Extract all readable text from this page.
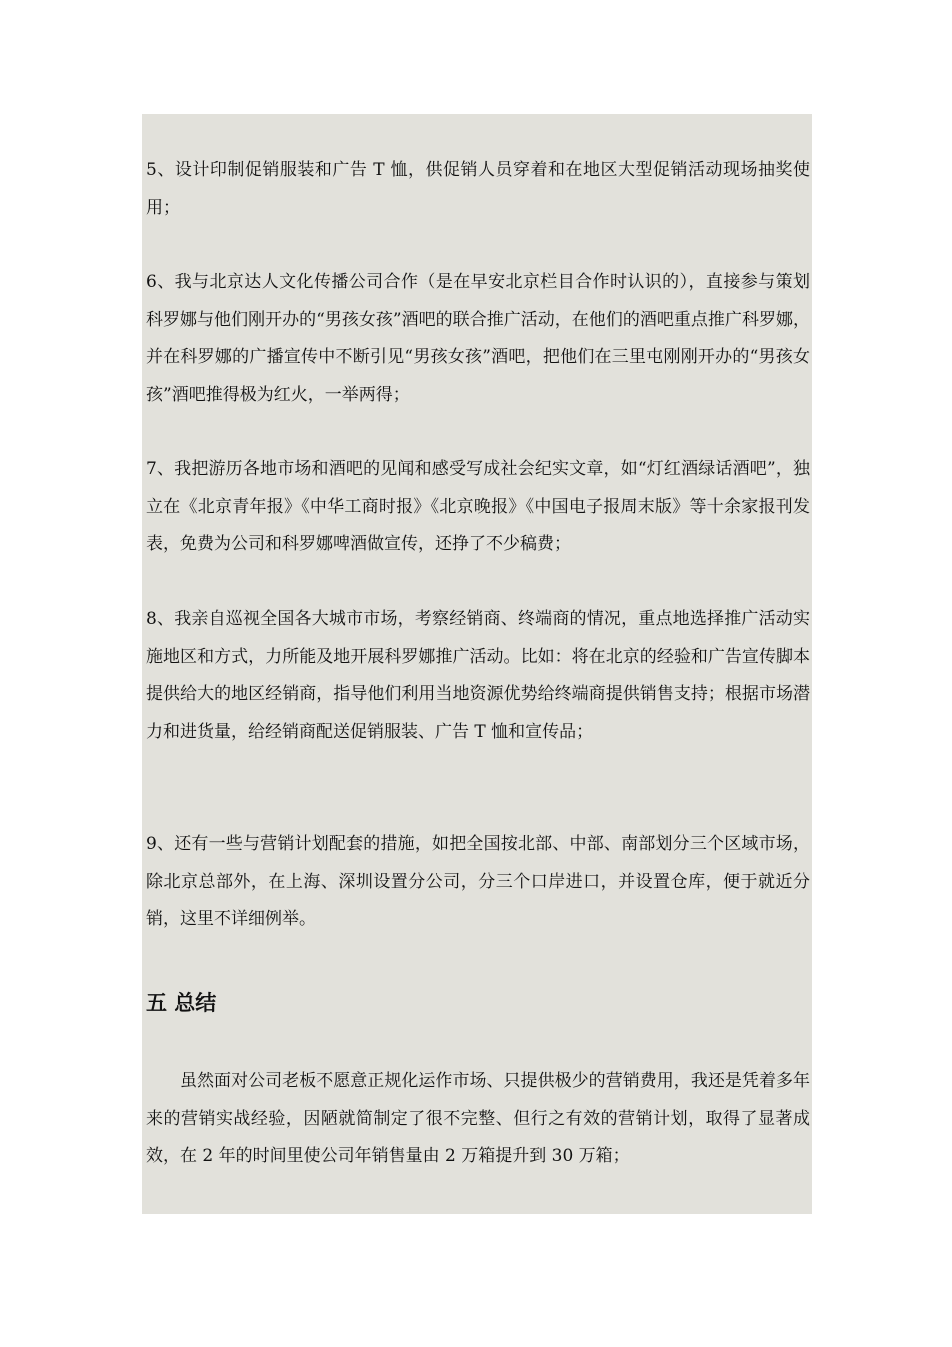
5、设计印制促销服装和广告 T 恤，供促销人员穿着和在地区大型促销活动现场抽奖使用；

6、我与北京达人文化传播公司合作（是在早安北京栏目合作时认识的），直接参与策划科罗娜与他们刚开办的“男孩女孩”酒吧的联合推广活动，在他们的酒吧重点推广科罗娜，并在科罗娜的广播宣传中不断引见“男孩女孩”酒吧，把他们在三里屯刚刚开办的“男孩女孩”酒吧推得极为红火，一举两得；

7、我把游历各地市场和酒吧的见闻和感受写成社会纪实文章，如“灯红酒绿话酒吧”，独立在《北京青年报》《中华工商时报》《北京晚报》《中国电子报周末版》等十余家报刊发表，免费为公司和科罗娜啤酒做宣传，还挣了不少稿费；

8、我亲自巡视全国各大城市市场，考察经销商、终端商的情况，重点地选择推广活动实施地区和方式，力所能及地开展科罗娜推广活动。比如：将在北京的经验和广告宣传脚本提供给大的地区经销商，指导他们利用当地资源优势给终端商提供销售支持；根据市场潜力和进货量，给经销商配送促销服装、广告 T 恤和宣传品；

9、还有一些与营销计划配套的措施，如把全国按北部、中部、南部划分三个区域市场，除北京总部外，在上海、深圳设置分公司，分三个口岸进口，并设置仓库，便于就近分销，这里不详细例举。

五 总结

虽然面对公司老板不愿意正规化运作市场、只提供极少的营销费用，我还是凭着多年来的营销实战经验，因陋就简制定了很不完整、但行之有效的营销计划，取得了显著成效，在 2 年的时间里使公司年销售量由 2 万箱提升到 30 万箱；
